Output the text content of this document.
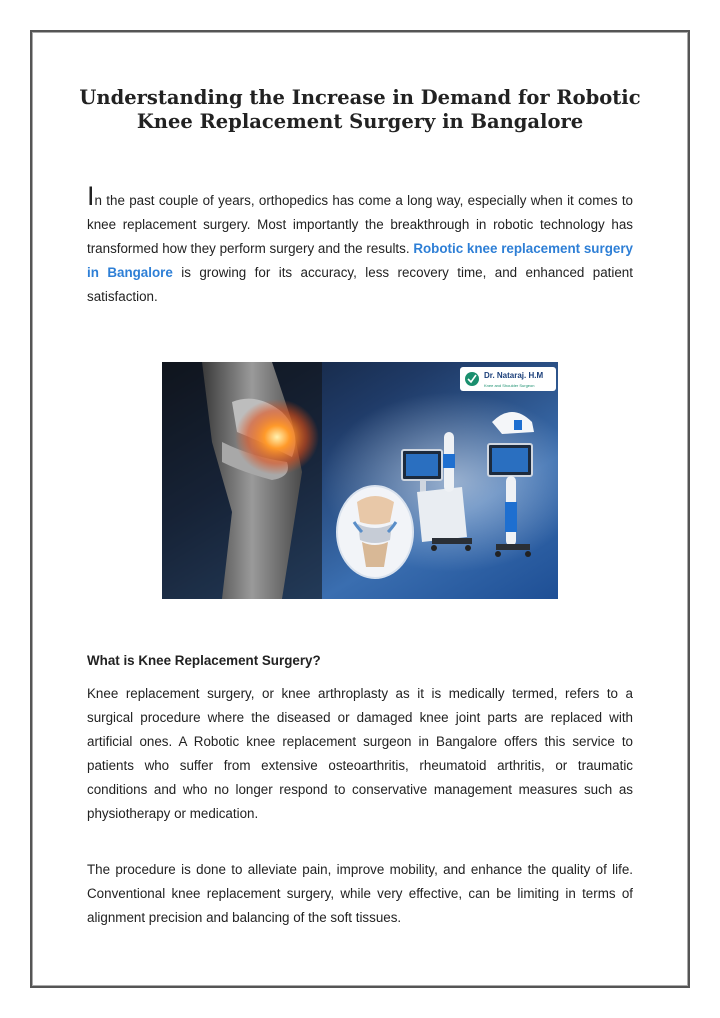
Understanding the Increase in Demand for Robotic Knee Replacement Surgery in Bangalore
In the past couple of years, orthopedics has come a long way, especially when it comes to knee replacement surgery. Most importantly the breakthrough in robotic technology has transformed how they perform surgery and the results. Robotic knee replacement surgery in Bangalore is growing for its accuracy, less recovery time, and enhanced patient satisfaction.
Dr. Nataraj. H.M
Knee and Shoulder Surgeon
What is Knee Replacement Surgery?
Knee replacement surgery, or knee arthroplasty as it is medically termed, refers to a surgical procedure where the diseased or damaged knee joint parts are replaced with artificial ones. A Robotic knee replacement surgeon in Bangalore offers this service to patients who suffer from extensive osteoarthritis, rheumatoid arthritis, or traumatic conditions and who no longer respond to conservative management measures such as physiotherapy or medication.
The procedure is done to alleviate pain, improve mobility, and enhance the quality of life. Conventional knee replacement surgery, while very effective, can be limiting in terms of alignment precision and balancing of the soft tissues.
